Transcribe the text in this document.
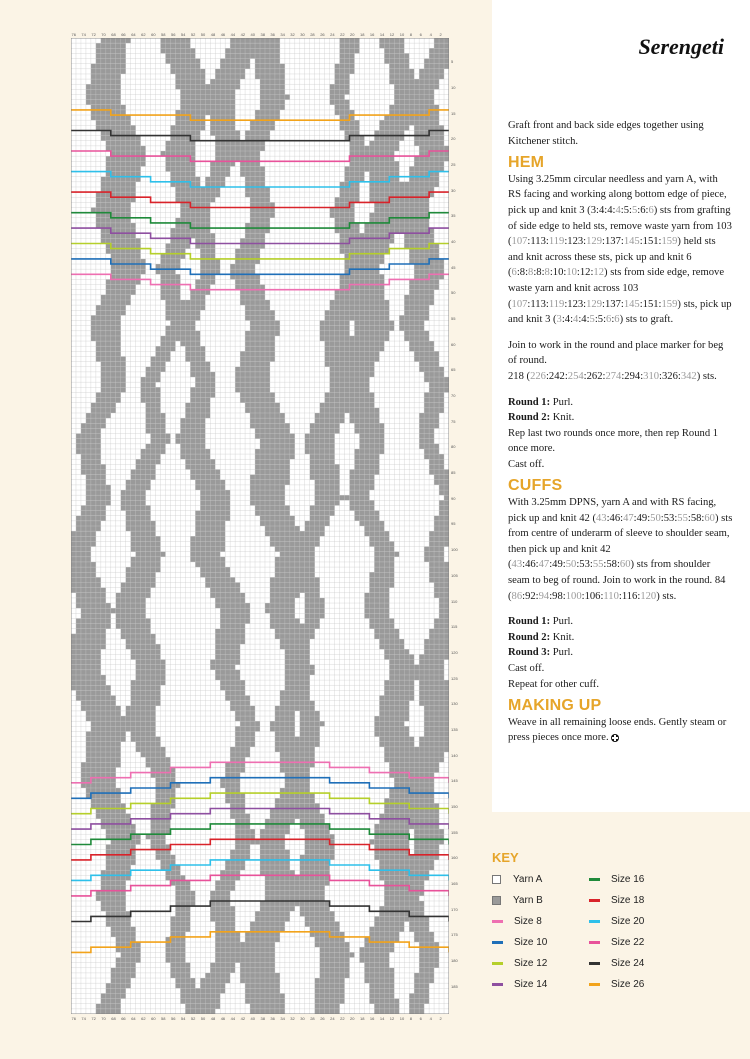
76
76
74
74
72
72
70
70
68
68
66
66
64
64
62
62
60
60
58
58
56
56
54
54
52
52
50
50
48
48
46
46
44
44
42
42
40
40
38
38
36
36
34
34
32
32
30
30
28
28
26
26
24
24
22
22
20
20
18
18
16
16
14
14
12
12
10
10
8
8
6
6
4
4
2
2
5
10
15
20
25
30
35
40
45
50
55
60
65
70
75
80
85
90
95
100
105
110
115
120
125
130
135
140
145
150
155
160
165
170
175
180
185
Serengeti

Graft front and back side edges together using Kitchener stitch.

HEM

Using 3.25mm circular needless and yarn A, with RS facing and working along bottom edge of piece, pick up and knit 3 (3:4:4:4:5:5:6:6) sts from grafting of side edge to held sts, remove waste yarn from 103 (107:113:119:123:129:137:145:151:159) held sts and knit across these sts, pick up and knit 6 (6:8:8:8:8:10:10:12:12) sts from side edge, remove waste yarn and knit across 103 (107:113:119:123:129:137:145:151:159) sts, pick up and knit 3 (3:4:4:4:5:5:6:6) sts to graft.

Join to work in the round and place marker for beg of round.

218 (226:242:254:262:274:294:310:326:342) sts.

Round 1: Purl.

Round 2: Knit.

Rep last two rounds once more, then rep Round 1 once more.

Cast off.

CUFFS

With 3.25mm DPNS, yarn A and with RS facing, pick up and knit 42 (43:46:47:49:50:53:55:58:60) sts from centre of underarm of sleeve to shoulder seam, then pick up and knit 42 (43:46:47:49:50:53:55:58:60) sts from shoulder seam to beg of round. Join to work in the round. 84 (86:92:94:98:100:106:110:116:120) sts.

Round 1: Purl.

Round 2: Knit.

Round 3: Purl.

Cast off.

Repeat for other cuff.

MAKING UP

Weave in all remaining loose ends. Gently steam or press pieces once more.

KEY
Yarn A
Yarn B
Size 8
Size 10
Size 12
Size 14
Size 16
Size 18
Size 20
Size 22
Size 24
Size 26
